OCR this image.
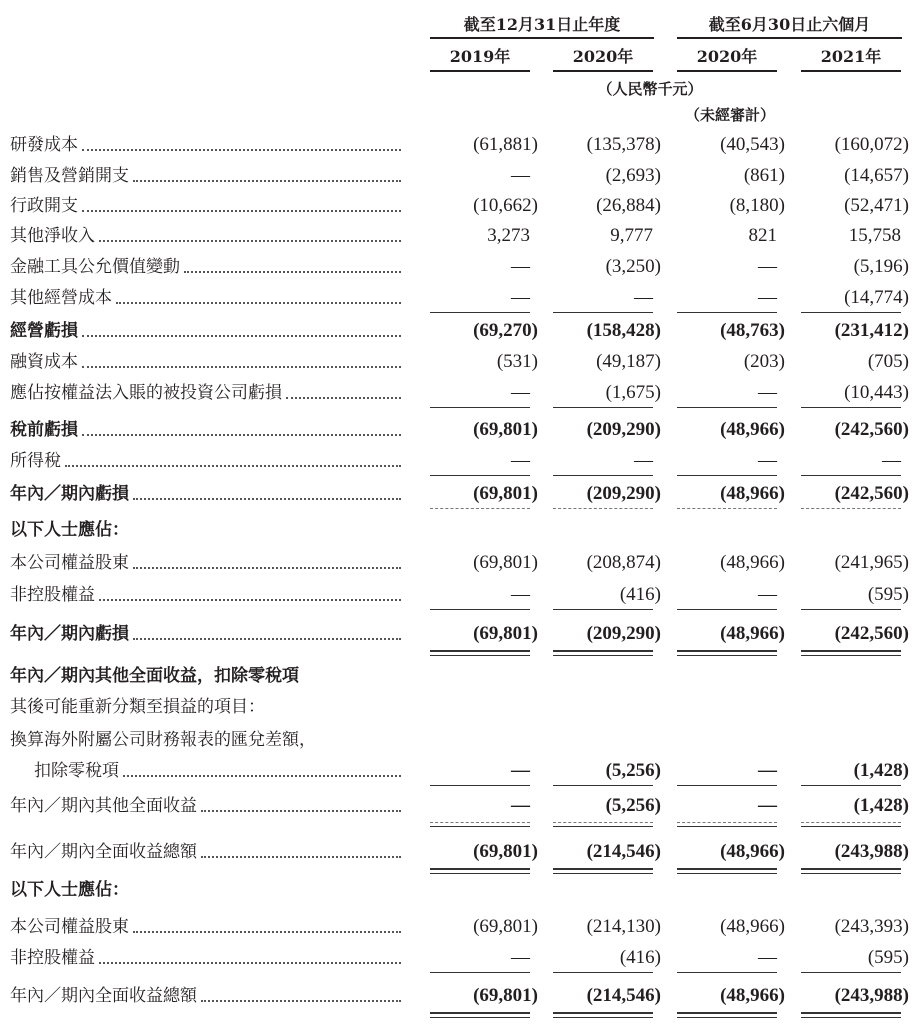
截至12月31日止年度	截至6月30日止六個月
2019年	2020年	2020年	2021年
（人民幣千元）
（未經審計）
研發成本	(61,881)	(135,378)	(40,543)	(160,072)
銷售及營銷開支	—	(2,693)	(861)	(14,657)
行政開支	(10,662)	(26,884)	(8,180)	(52,471)
其他淨收入	3,273	9,777	821	15,758
金融工具公允價值變動	—	(3,250)	—	(5,196)
其他經營成本	—	—	—	(14,774)
經營虧損	(69,270)	(158,428)	(48,763)	(231,412)
融資成本	(531)	(49,187)	(203)	(705)
應佔按權益法入賬的被投資公司虧損	—	(1,675)	—	(10,443)
稅前虧損	(69,801)	(209,290)	(48,966)	(242,560)
所得稅	—	—	—	—
年內／期內虧損	(69,801)	(209,290)	(48,966)	(242,560)
以下人士應佔：
本公司權益股東	(69,801)	(208,874)	(48,966)	(241,965)
非控股權益	—	(416)	—	(595)
年內／期內虧損	(69,801)	(209,290)	(48,966)	(242,560)
年內／期內其他全面收益，扣除零稅項
其後可能重新分類至損益的項目：
換算海外附屬公司財務報表的匯兌差額，
扣除零稅項	—	(5,256)	—	(1,428)
年內／期內其他全面收益	—	(5,256)	—	(1,428)
年內／期內全面收益總額	(69,801)	(214,546)	(48,966)	(243,988)
以下人士應佔：
本公司權益股東	(69,801)	(214,130)	(48,966)	(243,393)
非控股權益	—	(416)	—	(595)
年內／期內全面收益總額	(69,801)	(214,546)	(48,966)	(243,988)
